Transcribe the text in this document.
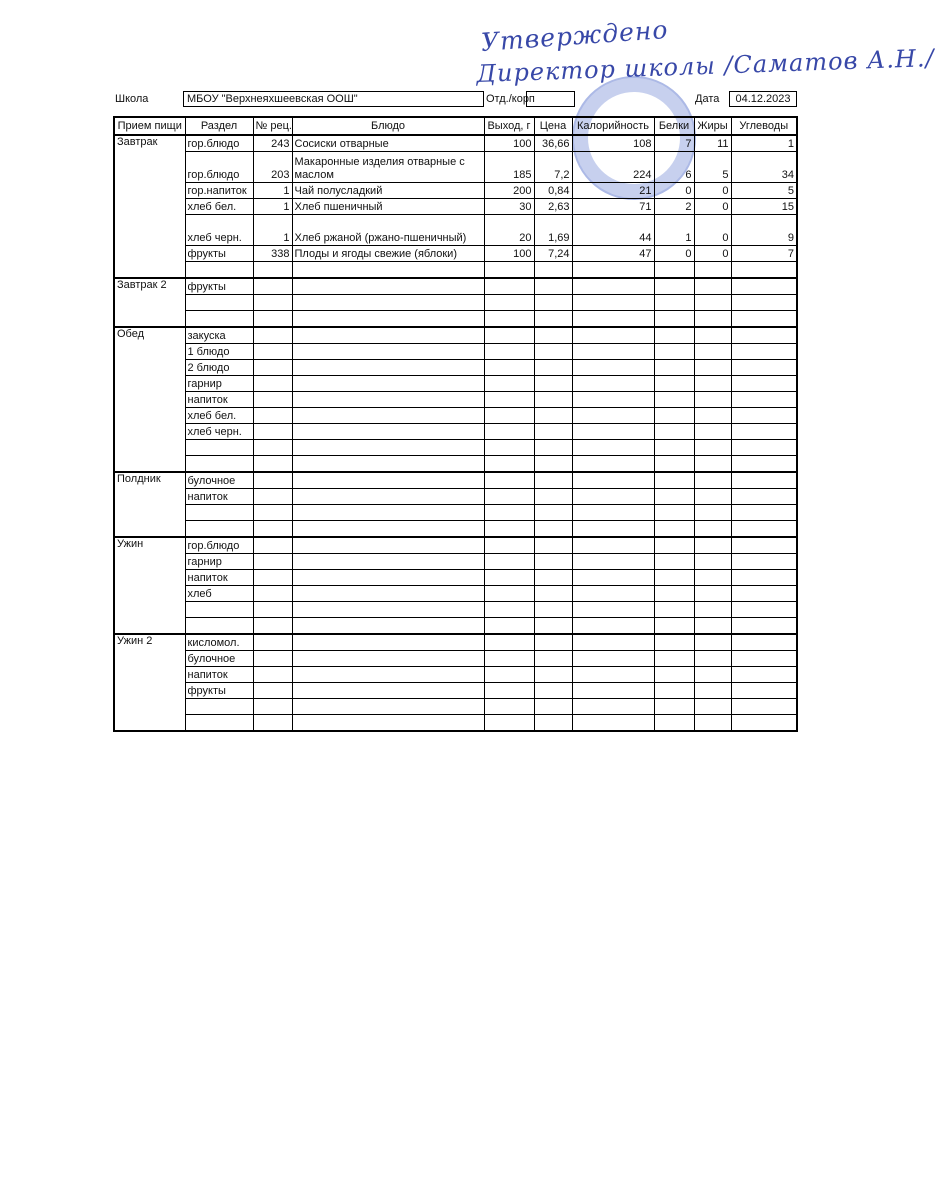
Утверждено
Директор школы /Саматов А.Н./
Школа	МБОУ "Верхнеяхшеевская ООШ"	Отд./корп	Дата	04.12.2023
Прием пищи	Раздел	№ рец.	Блюдо	Выход, г	Цена	Калорийность	Белки	Жиры	Углеводы
Завтрак	гор.блюдо	243	Сосиски отварные	100	36,66	108	7	11	1
	гор.блюдо	203	Макаронные изделия отварные с маслом	185	7,2	224	6	5	34
	гор.напиток	1	Чай полусладкий	200	0,84	21	0	0	5
	хлеб бел.	1	Хлеб пшеничный	30	2,63	71	2	0	15
	хлеб черн.	1	Хлеб ржаной (ржано-пшеничный)	20	1,69	44	1	0	9
	фрукты	338	Плоды и ягоды свежие (яблоки)	100	7,24	47	0	0	7

Завтрак 2	фрукты								

Обед	закуска								
	1 блюдо								
	2 блюдо								
	гарнир								
	напиток								
	хлеб бел.								
	хлеб черн.								

Полдник	булочное								
	напиток								

Ужин	гор.блюдо								
	гарнир								
	напиток								
	хлеб								

Ужин 2	кисломол.								
	булочное								
	напиток								
	фрукты								
